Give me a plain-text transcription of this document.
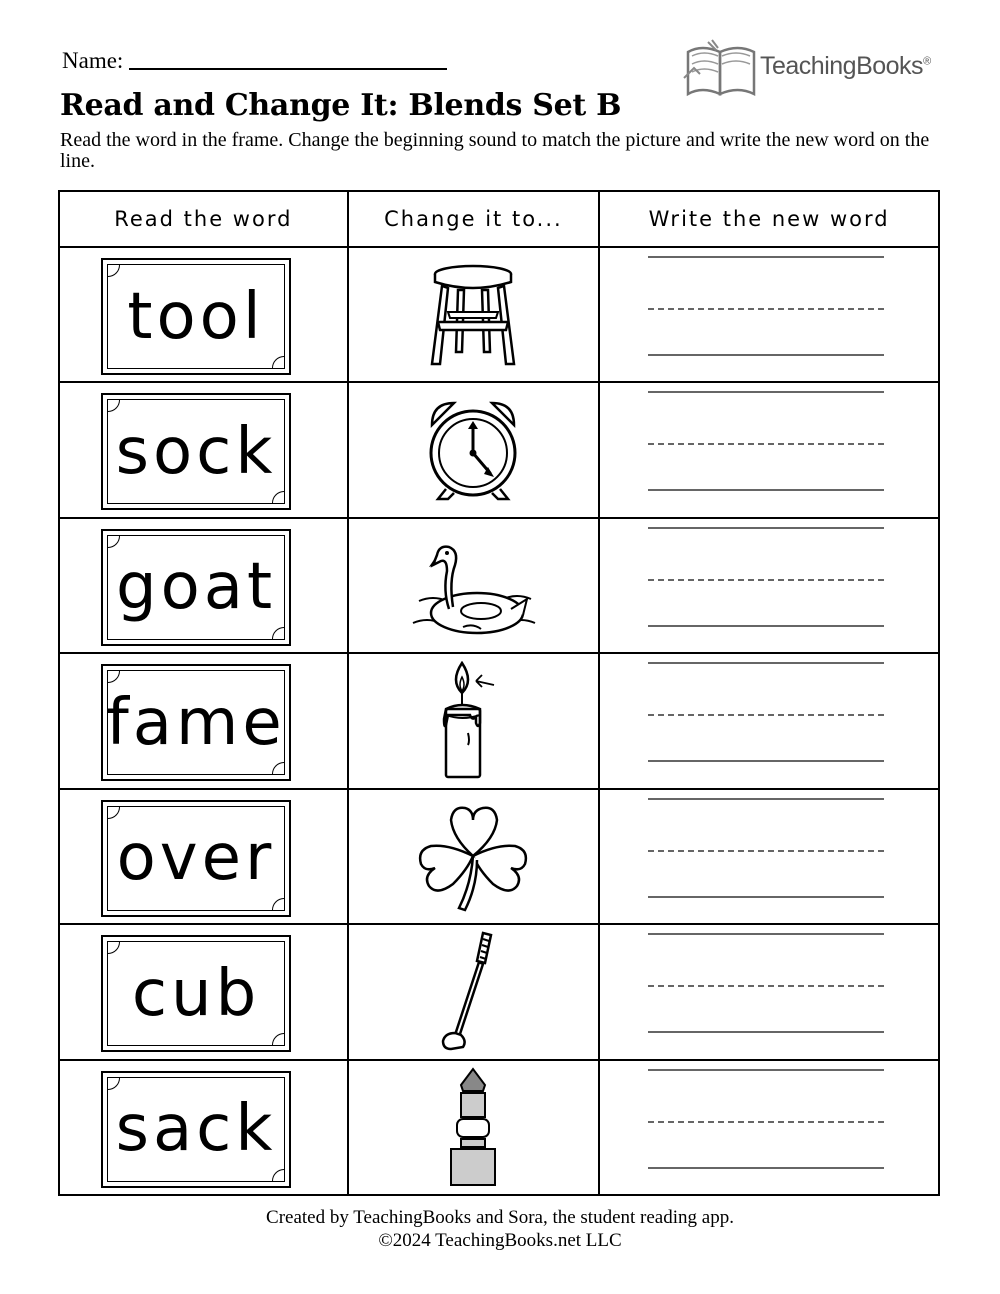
Name:	TeachingBooks®
Read and Change It: Blends Set B
Read the word in the frame. Change the beginning sound to match the picture and write the new word on the line.
Read the word	Change it to...	Write the new word

tool

sock

goat

fame

over

cub

sack

Created by TeachingBooks and Sora, the student reading app.
©2024 TeachingBooks.net LLC
